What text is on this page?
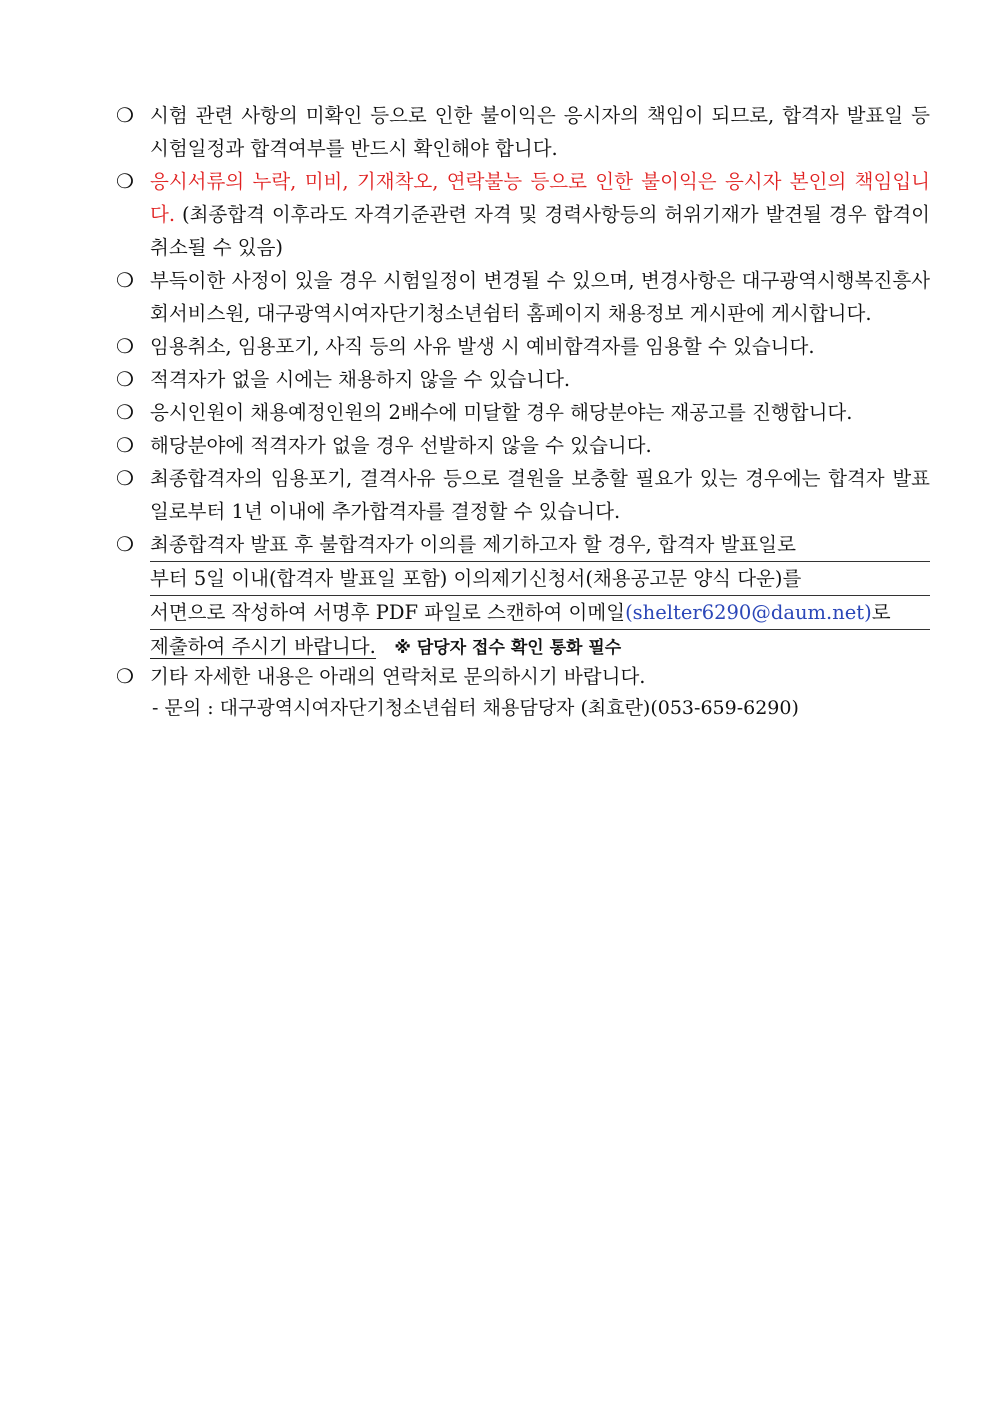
❍ 시험 관련 사항의 미확인 등으로 인한 불이익은 응시자의 책임이 되므로, 합격자 발표일 등 시험일정과 합격여부를 반드시 확인해야 합니다.
❍ 응시서류의 누락, 미비, 기재착오, 연락불능 등으로 인한 불이익은 응시자 본인의 책임입니다. (최종합격 이후라도 자격기준관련 자격 및 경력사항등의 허위기재가 발견될 경우 합격이 취소될 수 있음)
❍ 부득이한 사정이 있을 경우 시험일정이 변경될 수 있으며, 변경사항은 대구광역시행복진흥사회서비스원, 대구광역시여자단기청소년쉼터 홈페이지 채용정보 게시판에 게시합니다.
❍ 임용취소, 임용포기, 사직 등의 사유 발생 시 예비합격자를 임용할 수 있습니다.
❍ 적격자가 없을 시에는 채용하지 않을 수 있습니다.
❍ 응시인원이 채용예정인원의 2배수에 미달할 경우 해당분야는 재공고를 진행합니다.
❍ 해당분야에 적격자가 없을 경우 선발하지 않을 수 있습니다.
❍ 최종합격자의 임용포기, 결격사유 등으로 결원을 보충할 필요가 있는 경우에는 합격자 발표일로부터 1년 이내에 추가합격자를 결정할 수 있습니다.
❍ 최종합격자 발표 후 불합격자가 이의를 제기하고자 할 경우, 합격자 발표일로
부터 5일 이내(합격자 발표일 포함) 이의제기신청서(채용공고문 양식 다운)를
서면으로 작성하여 서명후 PDF 파일로 스캔하여 이메일(shelter6290@daum.net)로
제출하여 주시기 바랍니다. ※ 담당자 접수 확인 통화 필수
❍ 기타 자세한 내용은 아래의 연락처로 문의하시기 바랍니다.
- 문의 : 대구광역시여자단기청소년쉼터 채용담당자 (최효란)(053-659-6290)
